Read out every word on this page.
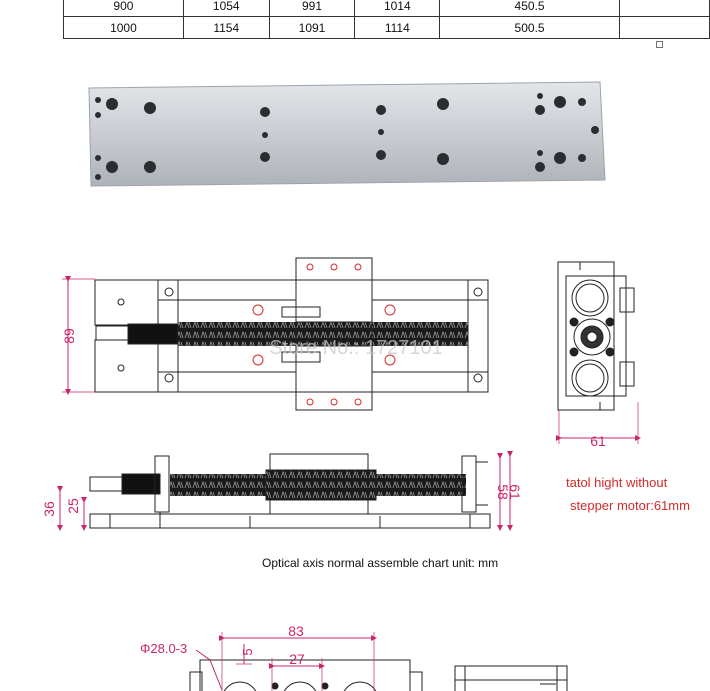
900	1054	991	1014	450.5	
1000	1154	1091	1114	500.5	
89
Store No.: 1727101
61
36 25
58
61
83
27
5
Φ28.0-3
tatol hight without
stepper motor:61mm
Optical axis normal assemble chart unit: mm
